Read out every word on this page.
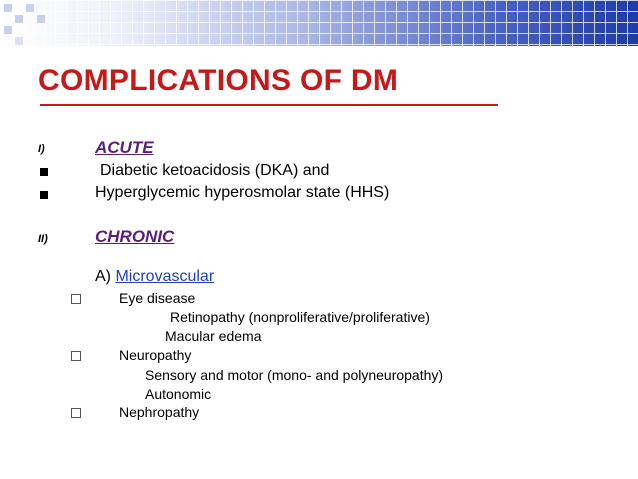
COMPLICATIONS OF DM
I)	ACUTE
Diabetic ketoacidosis (DKA) and
Hyperglycemic hyperosmolar state (HHS)
II)	CHRONIC
A) Microvascular
Eye disease
Retinopathy (nonproliferative/proliferative)
Macular edema
Neuropathy
Sensory and motor (mono- and polyneuropathy)
Autonomic
Nephropathy
